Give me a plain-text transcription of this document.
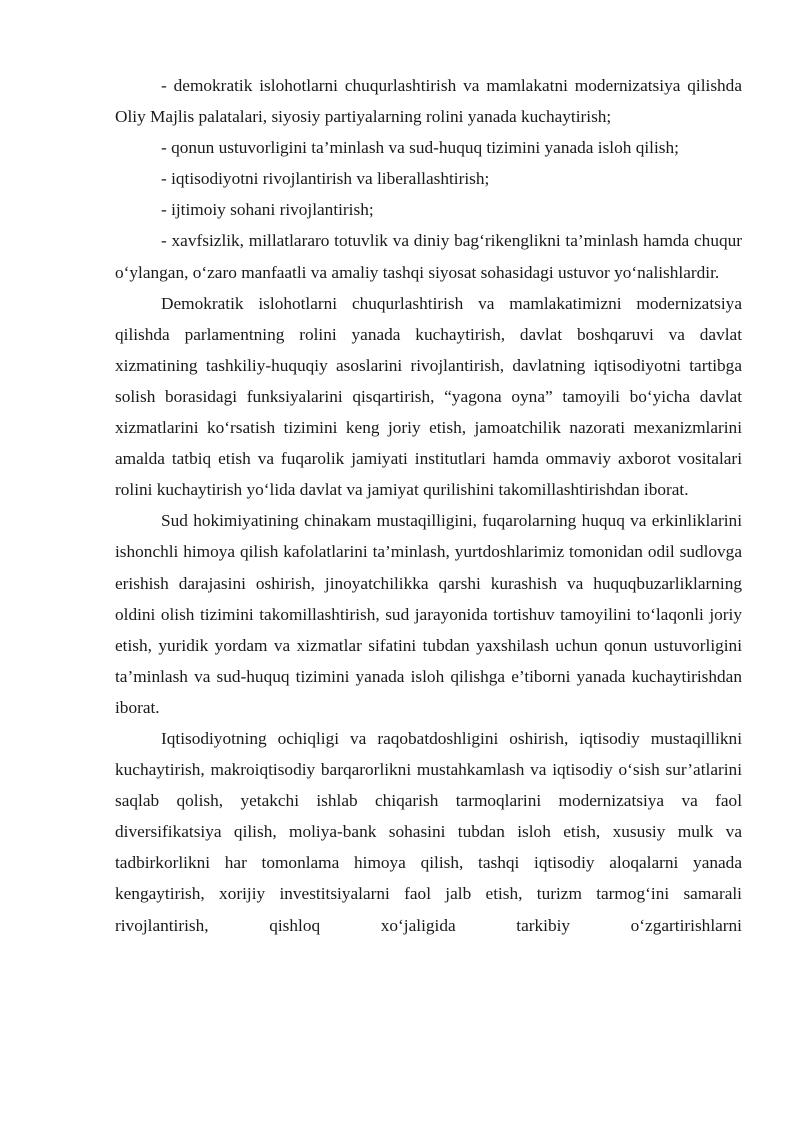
- demokratik islohotlarni chuqurlashtirish va mamlakatni modernizatsiya qilishda Oliy Majlis palatalari, siyosiy partiyalarning rolini yanada kuchaytirish;

- qonun ustuvorligini ta’minlash va sud-huquq tizimini yanada isloh qilish;

- iqtisodiyotni rivojlantirish va liberallashtirish;

- ijtimoiy sohani rivojlantirish;

- xavfsizlik, millatlararo totuvlik va diniy bag‘rikenglikni ta’minlash hamda chuqur o‘ylangan, o‘zaro manfaatli va amaliy tashqi siyosat sohasidagi ustuvor yo‘nalishlardir.

Demokratik islohotlarni chuqurlashtirish va mamlakatimizni modernizatsiya qilishda parlamentning rolini yanada kuchaytirish, davlat boshqaruvi va davlat xizmatining tashkiliy-huquqiy asoslarini rivojlantirish, davlatning iqtisodiyotni tartibga solish borasidagi funksiyalarini qisqartirish, “yagona oyna” tamoyili bo‘yicha davlat xizmatlarini ko‘rsatish tizimini keng joriy etish, jamoatchilik nazorati mexanizmlarini amalda tatbiq etish va fuqarolik jamiyati institutlari hamda ommaviy axborot vositalari rolini kuchaytirish yo‘lida davlat va jamiyat qurilishini takomillashtirishdan iborat.

Sud hokimiyatining chinakam mustaqilligini, fuqarolarning huquq va erkinliklarini ishonchli himoya qilish kafolatlarini ta’minlash, yurtdoshlarimiz tomonidan odil sudlovga erishish darajasini oshirish, jinoyatchilikka qarshi kurashish va huquqbuzarliklarning oldini olish tizimini takomillashtirish, sud jarayonida tortishuv tamoyilini to‘laqonli joriy etish, yuridik yordam va xizmatlar sifatini tubdan yaxshilash uchun qonun ustuvorligini ta’minlash va sud-huquq tizimini yanada isloh qilishga e’tiborni yanada kuchaytirishdan iborat.

Iqtisodiyotning ochiqligi va raqobatdoshligini oshirish, iqtisodiy mustaqillikni kuchaytirish, makroiqtisodiy barqarorlikni mustahkamlash va iqtisodiy o‘sish sur’atlarini saqlab qolish, yetakchi ishlab chiqarish tarmoqlarini modernizatsiya va faol diversifikatsiya qilish, moliya-bank sohasini tubdan isloh etish, xususiy mulk va tadbirkorlikni har tomonlama himoya qilish, tashqi iqtisodiy aloqalarni yanada kengaytirish, xorijiy investitsiyalarni faol jalb etish, turizm tarmog‘ini samarali rivojlantirish, qishloq xo‘jaligida tarkibiy o‘zgartirishlarni
